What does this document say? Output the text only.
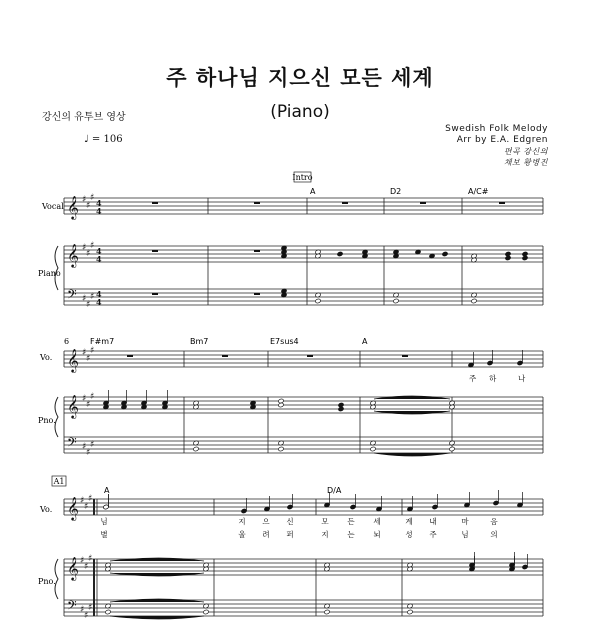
주 하나님 지으신 모든 세계
(Piano)
강신의 유투브 영상
♩ = 106
Swedish Folk Melody
Arr by E.A. Edgren
편곡 강신의
채보 황병진
𝄞 ♯
♯
♯
𝄞 ♯
♯
♯
𝄢 ♯
♯
♯
4
4
4
4
4
4
𝄞 ♯
♯
♯
𝄞 ♯
♯
♯
𝄢 ♯
♯
♯
𝄞 ♯
♯
♯
𝄞 ♯
♯
♯
𝄢 ♯
♯
♯
Intro
Vocal
Piano
A	D2	A/C#
6
Vo.
Pno.
F#m7	Bm7	E7sus4	A
주 하	나
A1
Vo.
Pno.
A	D/A
님	지 으 신	모	든	세	계 내	마	음
별	울 려 퍼	지	는	뇌	성 주	님	의
